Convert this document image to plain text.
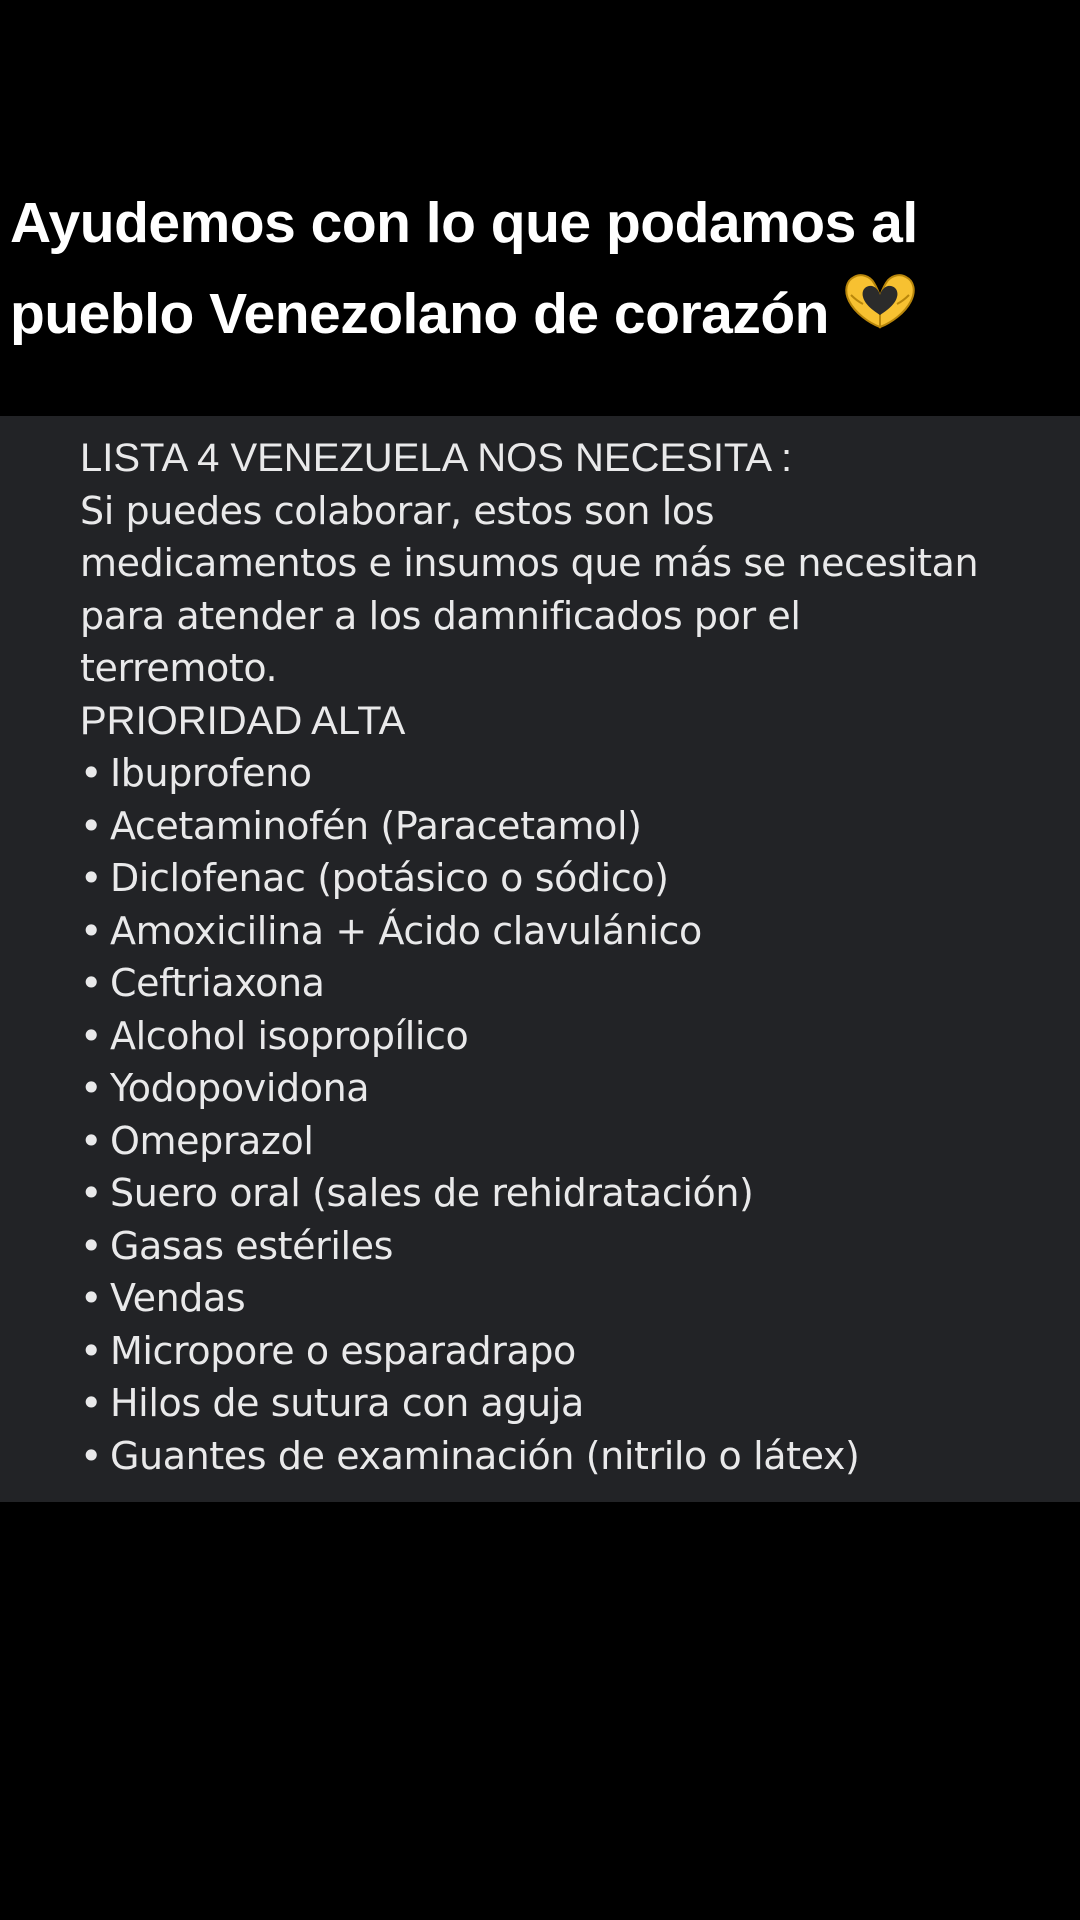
Ayudemos con lo que podamos al
pueblo Venezolano de corazón
LISTA 4 VENEZUELA NOS NECESITA :
Si puedes colaborar, estos son los
medicamentos e insumos que más se necesitan
para atender a los damnificados por el
terremoto.
PRIORIDAD ALTA
• Ibuprofeno
• Acetaminofén (Paracetamol)
• Diclofenac (potásico o sódico)
• Amoxicilina + Ácido clavulánico
• Ceftriaxona
• Alcohol isopropílico
• Yodopovidona
• Omeprazol
• Suero oral (sales de rehidratación)
• Gasas estériles
• Vendas
• Micropore o esparadrapo
• Hilos de sutura con aguja
• Guantes de examinación (nitrilo o látex)
